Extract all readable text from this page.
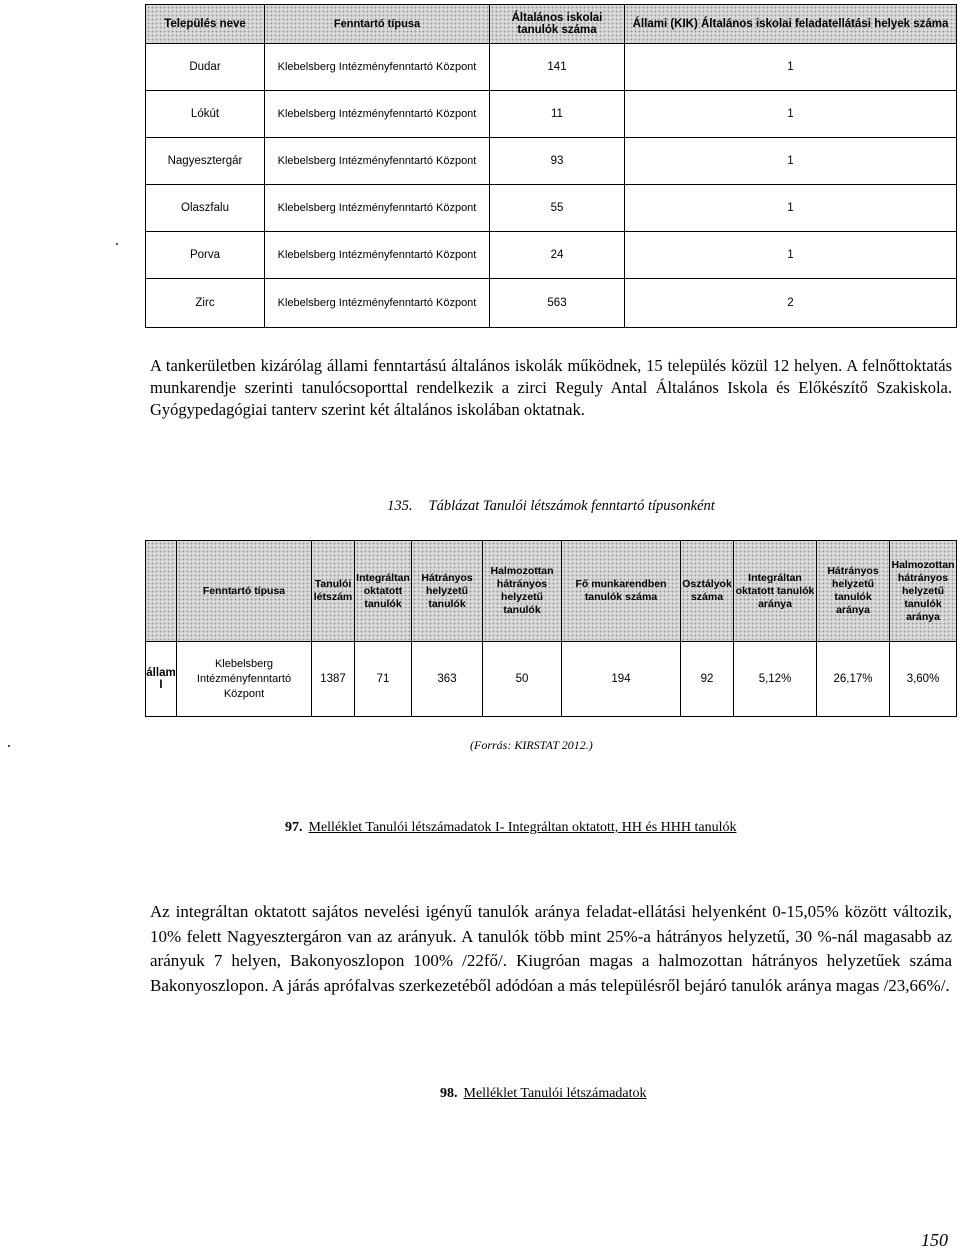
Település neve	Fenntartó típusa	Általános iskolai tanulók száma	Állami (KIK) Általános iskolai feladatellátási helyek száma
Dudar	Klebelsberg Intézményfenntartó Központ	141	1
Lókút	Klebelsberg Intézményfenntartó Központ	11	1
Nagyesztergár	Klebelsberg Intézményfenntartó Központ	93	1
Olaszfalu	Klebelsberg Intézményfenntartó Központ	55	1
Porva	Klebelsberg Intézményfenntartó Központ	24	1
Zirc	Klebelsberg Intézményfenntartó Központ	563	2

A tankerületben kizárólag állami fenntartású általános iskolák működnek, 15 település közül 12 helyen. A felnőttoktatás munkarendje szerinti tanulócsoporttal rendelkezik a zirci Reguly Antal Általános Iskola és Előkészítő Szakiskola. Gyógypedagógiai tanterv szerint két általános iskolában oktatnak.

135. Táblázat Tanulói létszámok fenntartó típusonként

	Fenntartó típusa	Tanulói létszám	Integráltan oktatott tanulók	Hátrányos helyzetű tanulók	Halmozottan hátrányos helyzetű tanulók	Fő munkarendben tanulók száma	Osztályok száma	Integráltan oktatott tanulók aránya	Hátrányos helyzetű tanulók aránya	Halmozottan hátrányos helyzetű tanulók aránya
állam I	Klebelsberg Intézményfenntartó Központ	1387	71	363	50	194	92	5,12%	26,17%	3,60%

(Forrás: KIRSTAT 2012.)

97. Melléklet Tanulói létszámadatok I- Integráltan oktatott, HH és HHH tanulók

Az integráltan oktatott sajátos nevelési igényű tanulók aránya feladat-ellátási helyenként 0-15,05% között változik, 10% felett Nagyesztergáron van az arányuk. A tanulók több mint 25%-a hátrányos helyzetű, 30 %-nál magasabb az arányuk 7 helyen, Bakonyoszlopon 100% /22fő/. Kiugróan magas a halmozottan hátrányos helyzetűek száma Bakonyoszlopon. A járás aprófalvas szerkezetéből adódóan a más településről bejáró tanulók aránya magas /23,66%/.

98. Melléklet Tanulói létszámadatok

150
